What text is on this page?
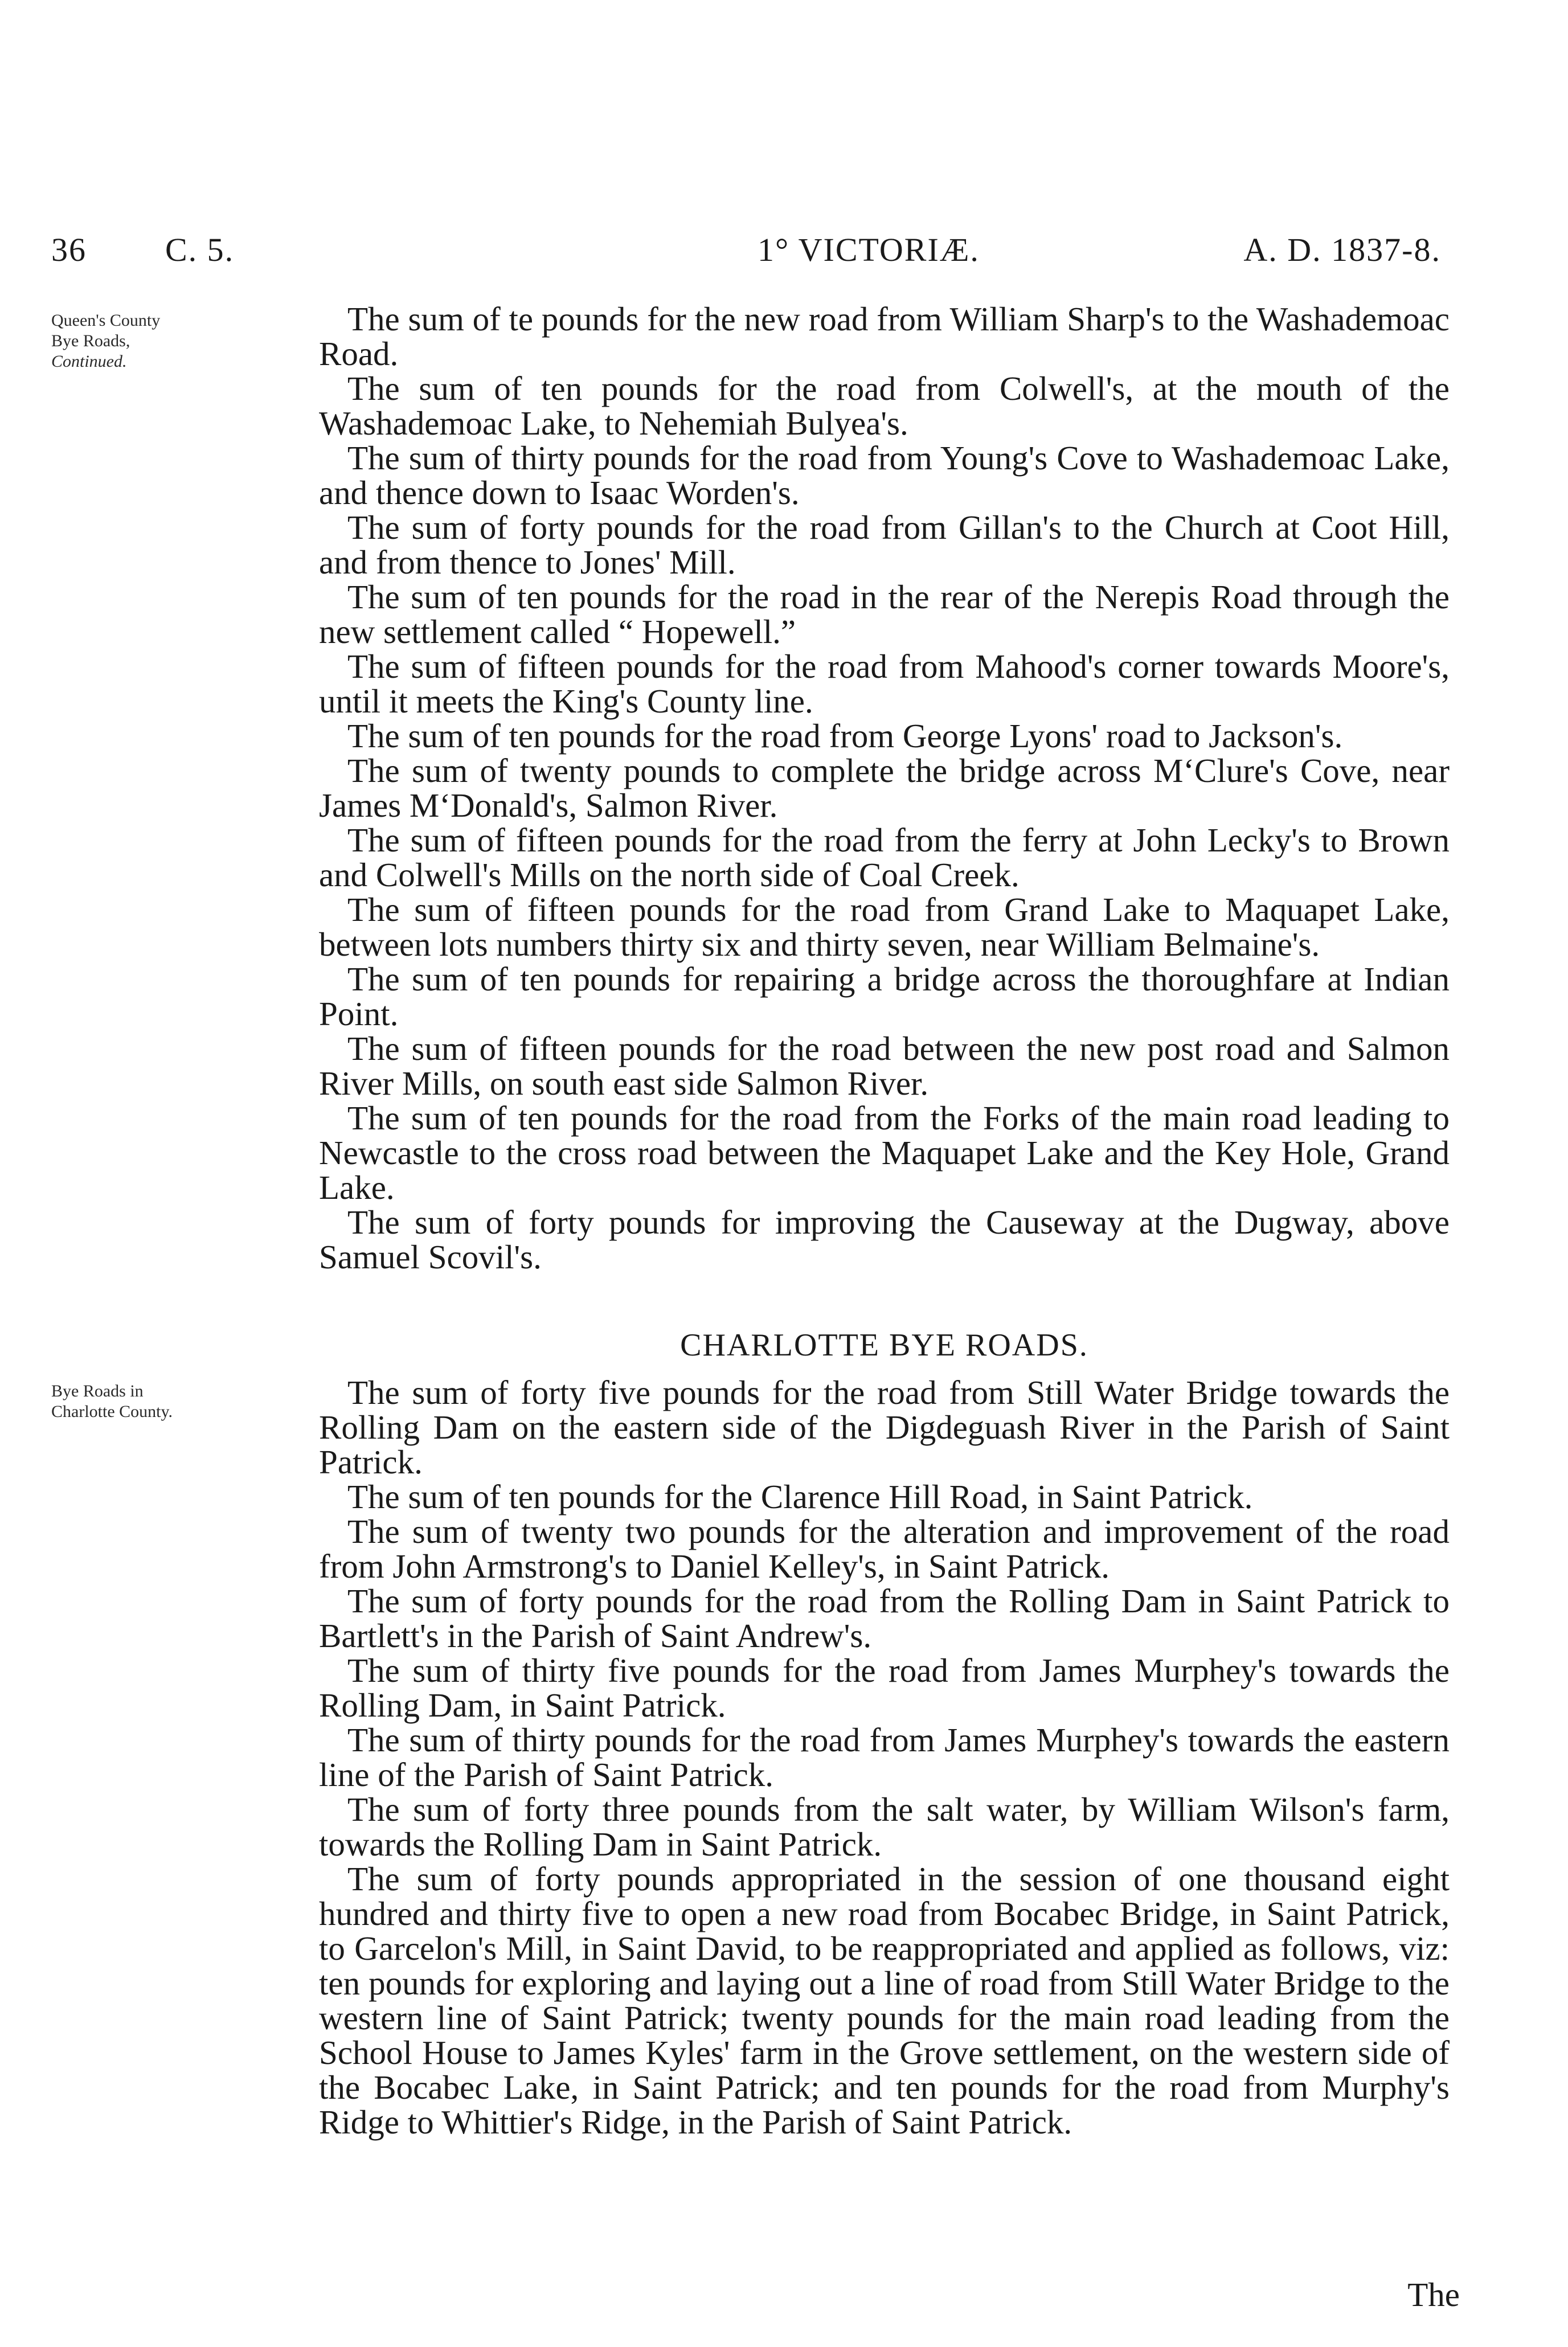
36 C. 5.	1° VICTORIÆ.	A. D. 1837-8.
Queen's County
Bye Roads,
Continued.

The sum of te pounds for the new road from William Sharp's to the Washademoac Road.

The sum of ten pounds for the road from Colwell's, at the mouth of the Washademoac Lake, to Nehemiah Bulyea's.

The sum of thirty pounds for the road from Young's Cove to Washademoac Lake, and thence down to Isaac Worden's.

The sum of forty pounds for the road from Gillan's to the Church at Coot Hill, and from thence to Jones' Mill.

The sum of ten pounds for the road in the rear of the Nerepis Road through the new settlement called “ Hopewell.”

The sum of fifteen pounds for the road from Mahood's corner towards Moore's, until it meets the King's County line.

The sum of ten pounds for the road from George Lyons' road to Jackson's.

The sum of twenty pounds to complete the bridge across M‘Clure's Cove, near James M‘Donald's, Salmon River.

The sum of fifteen pounds for the road from the ferry at John Lecky's to Brown and Colwell's Mills on the north side of Coal Creek.

The sum of fifteen pounds for the road from Grand Lake to Maquapet Lake, between lots numbers thirty six and thirty seven, near William Belmaine's.

The sum of ten pounds for repairing a bridge across the thoroughfare at Indian Point.

The sum of fifteen pounds for the road between the new post road and Salmon River Mills, on south east side Salmon River.

The sum of ten pounds for the road from the Forks of the main road leading to Newcastle to the cross road between the Maquapet Lake and the Key Hole, Grand Lake.

The sum of forty pounds for improving the Causeway at the Dugway, above Samuel Scovil's.

CHARLOTTE BYE ROADS.
Bye Roads in
Charlotte County.

The sum of forty five pounds for the road from Still Water Bridge towards the Rolling Dam on the eastern side of the Digdeguash River in the Parish of Saint Patrick.

The sum of ten pounds for the Clarence Hill Road, in Saint Patrick.

The sum of twenty two pounds for the alteration and improvement of the road from John Armstrong's to Daniel Kelley's, in Saint Patrick.

The sum of forty pounds for the road from the Rolling Dam in Saint Patrick to Bartlett's in the Parish of Saint Andrew's.

The sum of thirty five pounds for the road from James Murphey's towards the Rolling Dam, in Saint Patrick.

The sum of thirty pounds for the road from James Murphey's towards the eastern line of the Parish of Saint Patrick.

The sum of forty three pounds from the salt water, by William Wilson's farm, towards the Rolling Dam in Saint Patrick.

The sum of forty pounds appropriated in the session of one thousand eight hundred and thirty five to open a new road from Bocabec Bridge, in Saint Patrick, to Garcelon's Mill, in Saint David, to be reappropriated and applied as follows, viz: ten pounds for exploring and laying out a line of road from Still Water Bridge to the western line of Saint Patrick; twenty pounds for the main road leading from the School House to James Kyles' farm in the Grove settlement, on the western side of the Bocabec Lake, in Saint Patrick; and ten pounds for the road from Murphy's Ridge to Whittier's Ridge, in the Parish of Saint Patrick.

The
